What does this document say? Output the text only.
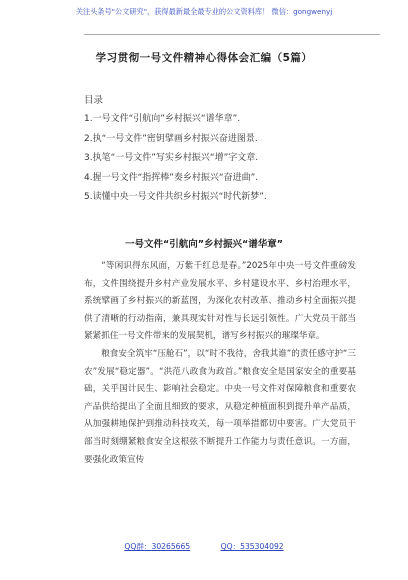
关注头条号"公文研究"，获得最新最全最专业的公文资料库！ 微信：gongwenyj
学习贯彻一号文件精神心得体会汇编（5篇）
目录
1.一号文件“引航向”乡村振兴“谱华章”.
2.执“一号文件”密钥擘画乡村振兴奋进图景.
3.执笔“一号文件”写实乡村振兴“增”字文章.
4.握一号文件“指挥棒”奏乡村振兴“奋进曲”.
5.读懂中央一号文件共织乡村振兴“时代新梦”.
一号文件“引航向”乡村振兴“谱华章”

“等闲识得东风面，万紫千红总是春。”2025年中央一号文件重磅发布，文件围绕提升乡村产业发展水平、乡村建设水平、乡村治理水平，系统擘画了乡村振兴的新蓝图，为深化农村改革、推动乡村全面振兴提供了清晰的行动指南，兼具现实针对性与长远引领性。广大党员干部当紧紧抓住一号文件带来的发展契机，谱写乡村振兴的璀璨华章。

粮食安全筑牢“压舱石”，以“时不我待，舍我其谁”的责任感守护“三农”发展“稳定器”。“洪范八政食为政首。”粮食安全是国家安全的重要基础，关乎国计民生、影响社会稳定。中央一号文件对保障粮食和重要农产品供给提出了全面且细致的要求，从稳定种植面积到提升单产品质，从加强耕地保护到推动科技攻关，每一项举措都切中要害。广大党员干部当时刻绷紧粮食安全这根弦不断提升工作能力与责任意识。一方面，要强化政策宣传

QQ群：30265665	QQ：535304092
